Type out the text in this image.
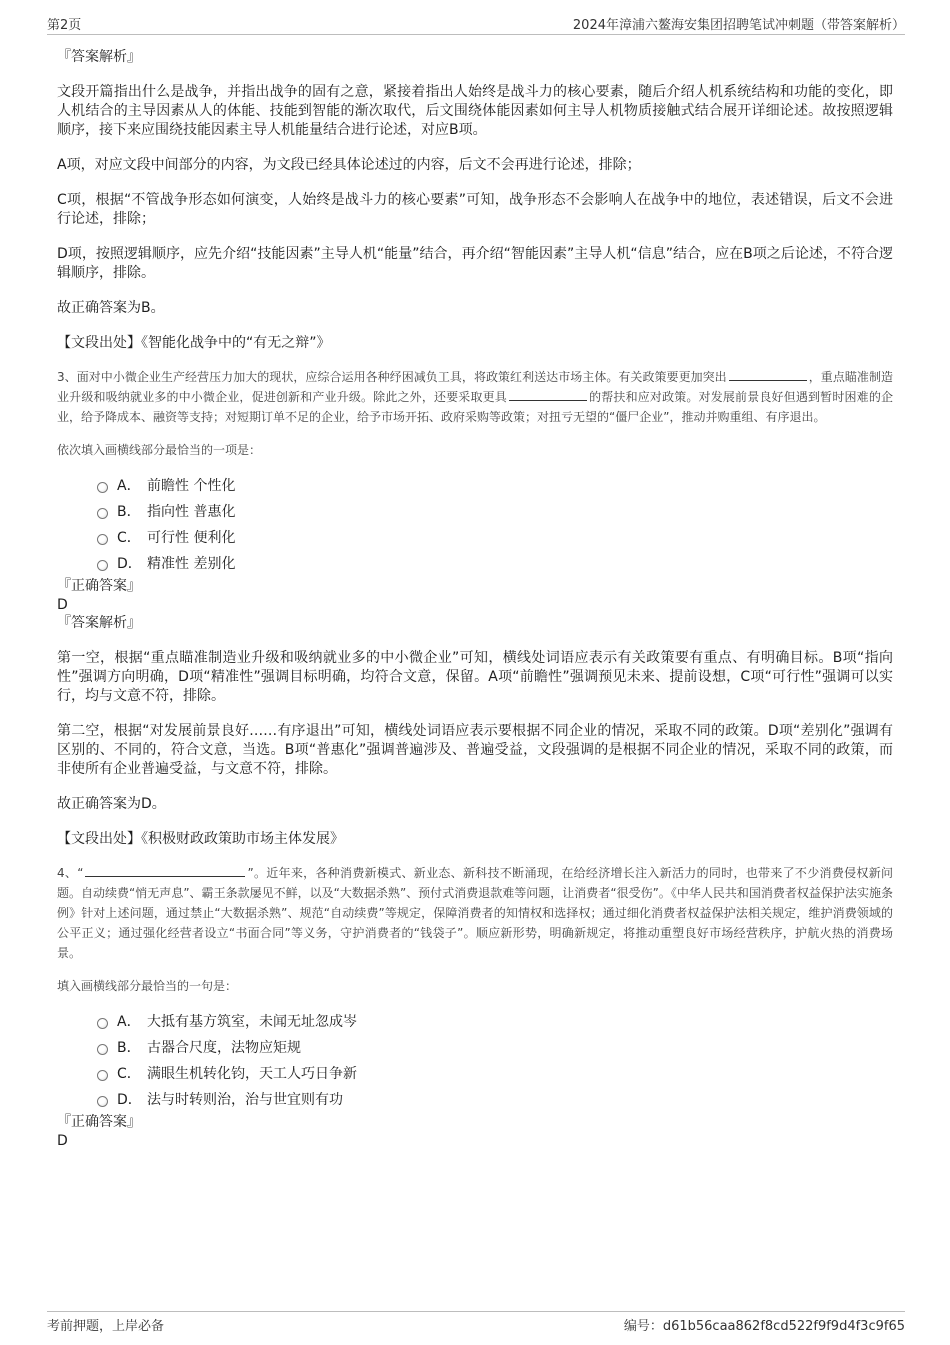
第2页	2024年漳浦六鳌海安集团招聘笔试冲刺题（带答案解析）
『答案解析』

文段开篇指出什么是战争，并指出战争的固有之意，紧接着指出人始终是战斗力的核心要素，随后介绍人机系统结构和功能的变化，即人机结合的主导因素从人的体能、技能到智能的渐次取代，后文围绕体能因素如何主导人机物质接触式结合展开详细论述。故按照逻辑顺序，接下来应围绕技能因素主导人机能量结合进行论述，对应B项。

A项，对应文段中间部分的内容，为文段已经具体论述过的内容，后文不会再进行论述，排除；

C项，根据“不管战争形态如何演变，人始终是战斗力的核心要素”可知，战争形态不会影响人在战争中的地位，表述错误，后文不会进行论述，排除；

D项，按照逻辑顺序，应先介绍“技能因素”主导人机“能量”结合，再介绍“智能因素”主导人机“信息”结合，应在B项之后论述，不符合逻辑顺序，排除。

故正确答案为B。

【文段出处】《智能化战争中的“有无之辩”》

3、面对中小微企业生产经营压力加大的现状，应综合运用各种纾困减负工具，将政策红利送达市场主体。有关政策要更加突出	，重点瞄准制造业升级和吸纳就业多的中小微企业，促进创新和产业升级。除此之外，还要采取更具	的帮扶和应对政策。对发展前景良好但遇到暂时困难的企业，给予降成本、融资等支持；对短期订单不足的企业，给予市场开拓、政府采购等政策；对扭亏无望的“僵尸企业”，推动并购重组、有序退出。

依次填入画横线部分最恰当的一项是：

A． 前瞻性 个性化
B． 指向性 普惠化
C． 可行性 便利化
D． 精准性 差别化
『正确答案』
D
『答案解析』

第一空，根据“重点瞄准制造业升级和吸纳就业多的中小微企业”可知，横线处词语应表示有关政策要有重点、有明确目标。B项“指向性”强调方向明确，D项“精准性”强调目标明确，均符合文意，保留。A项“前瞻性”强调预见未来、提前设想，C项“可行性”强调可以实行，均与文意不符，排除。

第二空，根据“对发展前景良好……有序退出”可知，横线处词语应表示要根据不同企业的情况，采取不同的政策。D项“差别化”强调有区别的、不同的，符合文意，当选。B项“普惠化”强调普遍涉及、普遍受益，文段强调的是根据不同企业的情况，采取不同的政策，而非使所有企业普遍受益，与文意不符，排除。

故正确答案为D。

【文段出处】《积极财政政策助市场主体发展》

4、“	”。近年来，各种消费新模式、新业态、新科技不断涌现，在给经济增长注入新活力的同时，也带来了不少消费侵权新问题。自动续费“悄无声息”、霸王条款屡见不鲜，以及“大数据杀熟”、预付式消费退款难等问题，让消费者“很受伤”。《中华人民共和国消费者权益保护法实施条例》针对上述问题，通过禁止“大数据杀熟”、规范“自动续费”等规定，保障消费者的知情权和选择权；通过细化消费者权益保护法相关规定，维护消费领域的公平正义；通过强化经营者设立“书面合同”等义务，守护消费者的“钱袋子”。顺应新形势，明确新规定，将推动重塑良好市场经营秩序，护航火热的消费场景。

填入画横线部分最恰当的一句是：

A． 大抵有基方筑室，未闻无址忽成岑
B． 古器合尺度，法物应矩规
C． 满眼生机转化钧，天工人巧日争新
D． 法与时转则治，治与世宜则有功
『正确答案』
D
考前押题，上岸必备	编号：d61b56caa862f8cd522f9f9d4f3c9f65
